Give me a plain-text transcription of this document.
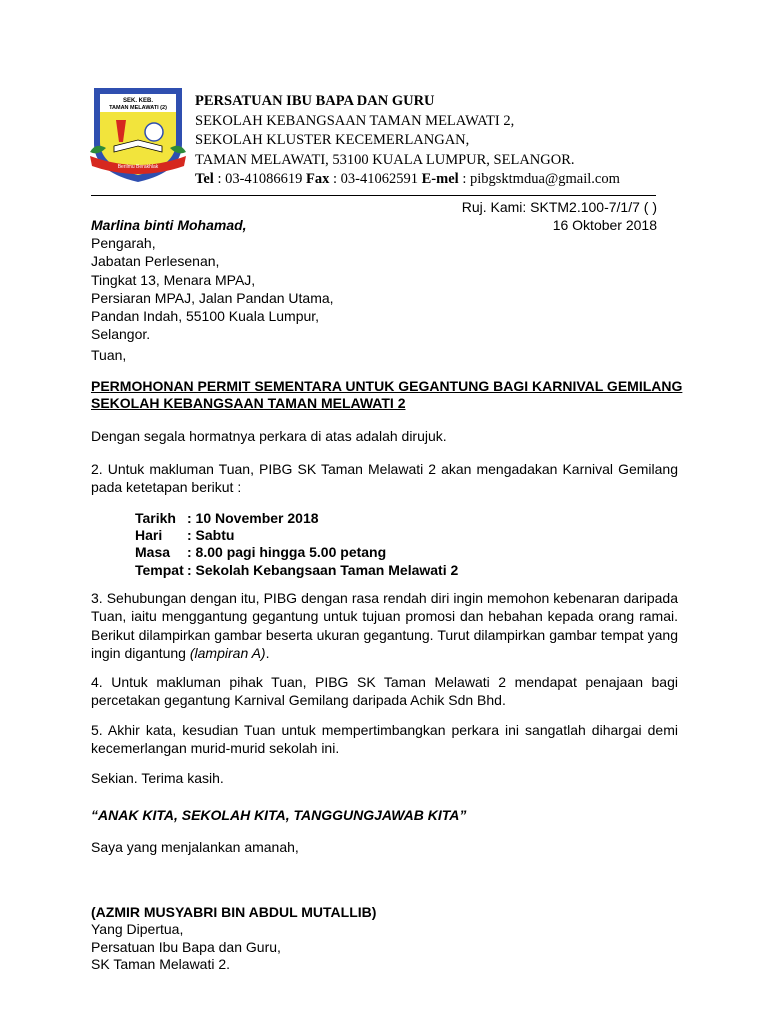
SEK. KEB.
TAMAN MELAWATI (2)
Berilmu Berakhlak
PERSATUAN IBU BAPA DAN GURU
SEKOLAH KEBANGSAAN TAMAN MELAWATI 2,
SEKOLAH KLUSTER KECEMERLANGAN,
TAMAN MELAWATI, 53100 KUALA LUMPUR, SELANGOR.
Tel : 03-41086619 Fax : 03-41062591 E-mel : pibgsktmdua@gmail.com
Ruj. Kami: SKTM2.100-7/1/7 ( )
16 Oktober 2018
Marlina binti Mohamad,
Pengarah,
Jabatan Perlesenan,
Tingkat 13, Menara MPAJ,
Persiaran MPAJ, Jalan Pandan Utama,
Pandan Indah, 55100 Kuala Lumpur,
Selangor.
Tuan,
PERMOHONAN PERMIT SEMENTARA UNTUK GEGANTUNG BAGI KARNIVAL GEMILANG
SEKOLAH KEBANGSAAN TAMAN MELAWATI 2
Dengan segala hormatnya perkara di atas adalah dirujuk.
2. Untuk makluman Tuan, PIBG SK Taman Melawati 2 akan mengadakan Karnival Gemilang pada ketetapan berikut :
Tarikh : 10 November 2018
Hari : Sabtu
Masa : 8.00 pagi hingga 5.00 petang
Tempat : Sekolah Kebangsaan Taman Melawati 2
3. Sehubungan dengan itu, PIBG dengan rasa rendah diri ingin memohon kebenaran daripada Tuan, iaitu menggantung gegantung untuk tujuan promosi dan hebahan kepada orang ramai. Berikut dilampirkan gambar beserta ukuran gegantung. Turut dilampirkan gambar tempat yang ingin digantung (lampiran A).
4. Untuk makluman pihak Tuan, PIBG SK Taman Melawati 2 mendapat penajaan bagi percetakan gegantung Karnival Gemilang daripada Achik Sdn Bhd.
5. Akhir kata, kesudian Tuan untuk mempertimbangkan perkara ini sangatlah dihargai demi kecemerlangan murid-murid sekolah ini.
Sekian. Terima kasih.
“ANAK KITA, SEKOLAH KITA, TANGGUNGJAWAB KITA”
Saya yang menjalankan amanah,
(AZMIR MUSYABRI BIN ABDUL MUTALLIB)
Yang Dipertua,
Persatuan Ibu Bapa dan Guru,
SK Taman Melawati 2.
